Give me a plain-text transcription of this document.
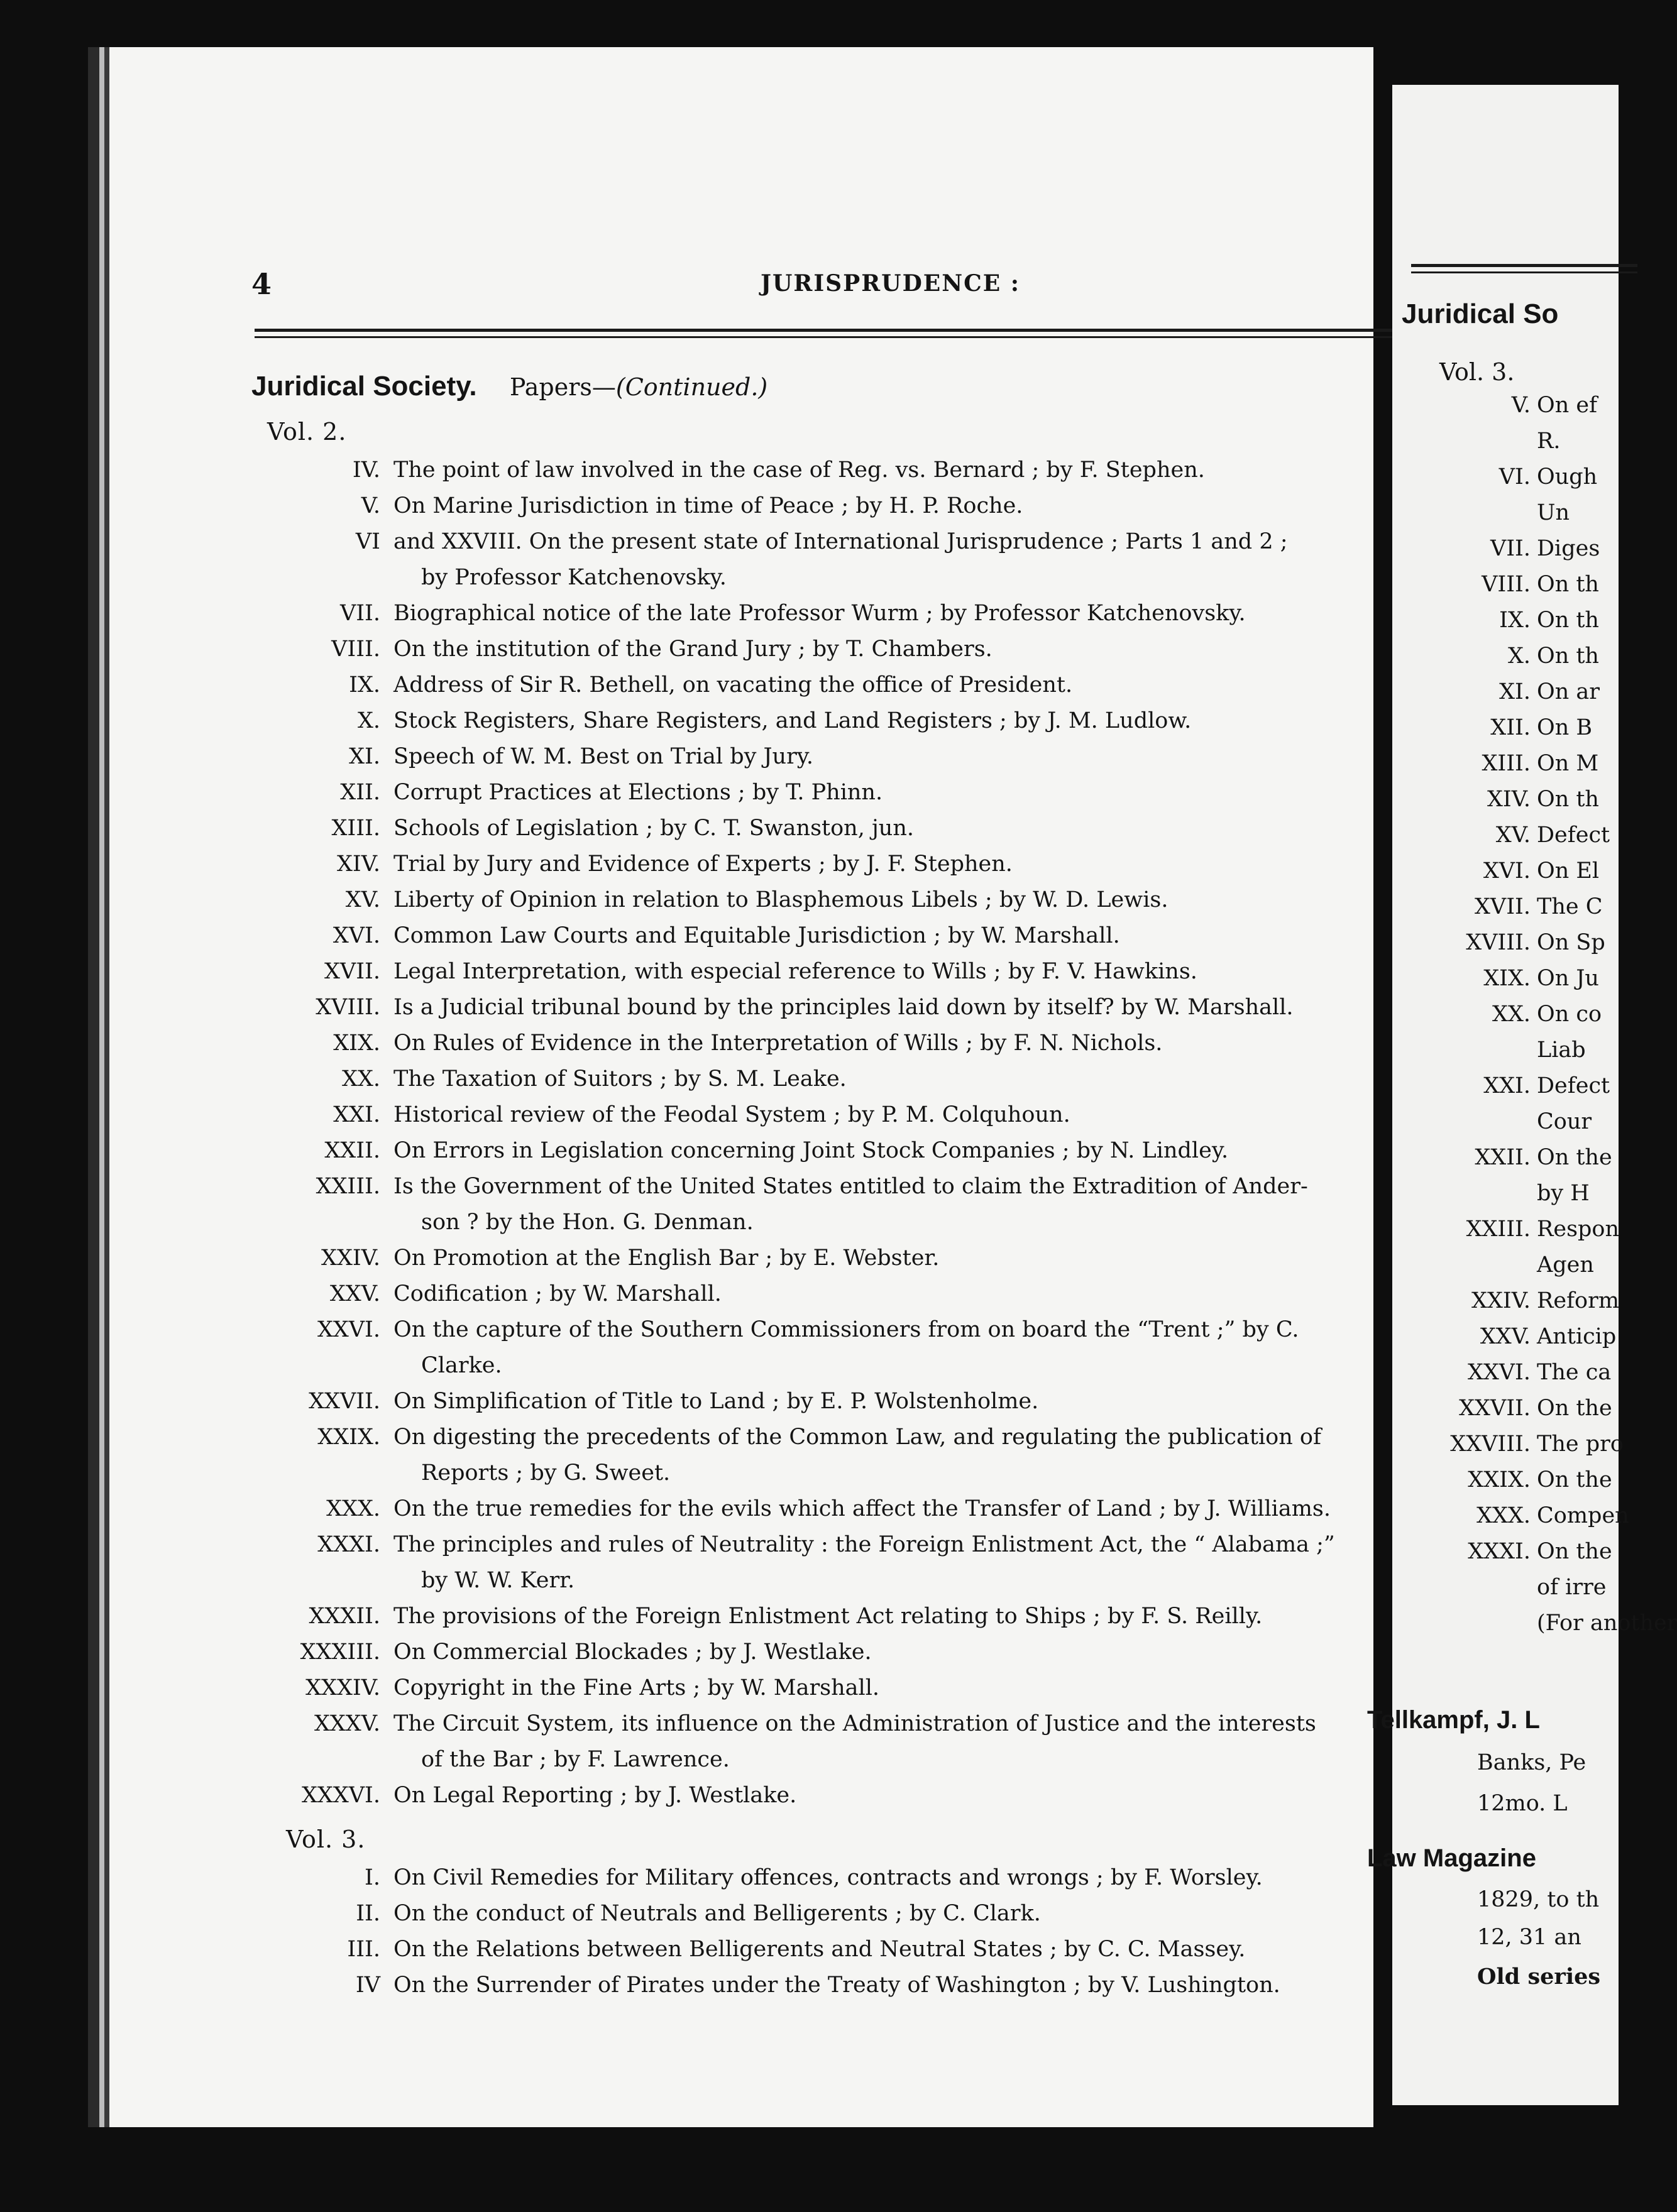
4	JURISPRUDENCE :
Juridical Society. Papers—(Continued.)
Vol. 2.
IV. The point of law involved in the case of Reg. vs. Bernard ; by F. Stephen.
V. On Marine Jurisdiction in time of Peace ; by H. P. Roche.
VI and XXVIII. On the present state of International Jurisprudence ; Parts 1 and 2 ;
by Professor Katchenovsky.
VII. Biographical notice of the late Professor Wurm ; by Professor Katchenovsky.
VIII. On the institution of the Grand Jury ; by T. Chambers.
IX. Address of Sir R. Bethell, on vacating the office of President.
X. Stock Registers, Share Registers, and Land Registers ; by J. M. Ludlow.
XI. Speech of W. M. Best on Trial by Jury.
XII. Corrupt Practices at Elections ; by T. Phinn.
XIII. Schools of Legislation ; by C. T. Swanston, jun.
XIV. Trial by Jury and Evidence of Experts ; by J. F. Stephen.
XV. Liberty of Opinion in relation to Blasphemous Libels ; by W. D. Lewis.
XVI. Common Law Courts and Equitable Jurisdiction ; by W. Marshall.
XVII. Legal Interpretation, with especial reference to Wills ; by F. V. Hawkins.
XVIII. Is a Judicial tribunal bound by the principles laid down by itself? by W. Marshall.
XIX. On Rules of Evidence in the Interpretation of Wills ; by F. N. Nichols.
XX. The Taxation of Suitors ; by S. M. Leake.
XXI. Historical review of the Feodal System ; by P. M. Colquhoun.
XXII. On Errors in Legislation concerning Joint Stock Companies ; by N. Lindley.
XXIII. Is the Government of the United States entitled to claim the Extradition of Ander-
son ? by the Hon. G. Denman.
XXIV. On Promotion at the English Bar ; by E. Webster.
XXV. Codification ; by W. Marshall.
XXVI. On the capture of the Southern Commissioners from on board the “Trent ;” by C.
Clarke.
XXVII. On Simplification of Title to Land ; by E. P. Wolstenholme.
XXIX. On digesting the precedents of the Common Law, and regulating the publication of
Reports ; by G. Sweet.
XXX. On the true remedies for the evils which affect the Transfer of Land ; by J. Williams.
XXXI. The principles and rules of Neutrality : the Foreign Enlistment Act, the “ Alabama ;”
by W. W. Kerr.
XXXII. The provisions of the Foreign Enlistment Act relating to Ships ; by F. S. Reilly.
XXXIII. On Commercial Blockades ; by J. Westlake.
XXXIV. Copyright in the Fine Arts ; by W. Marshall.
XXXV. The Circuit System, its influence on the Administration of Justice and the interests
of the Bar ; by F. Lawrence.
XXXVI. On Legal Reporting ; by J. Westlake.
Vol. 3.
I. On Civil Remedies for Military offences, contracts and wrongs ; by F. Worsley.
II. On the conduct of Neutrals and Belligerents ; by C. Clark.
III. On the Relations between Belligerents and Neutral States ; by C. C. Massey.
IV On the Surrender of Pirates under the Treaty of Washington ; by V. Lushington.
Juridical So
Vol. 3.
V. On ef
R.
VI. Ough
Un
VII. Diges
VIII. On th
IX. On th
X. On th
XI. On ar
XII. On B
XIII. On M
XIV. On th
XV. Defect
XVI. On El
XVII. The C
XVIII. On Sp
XIX. On Ju
XX. On co
Liab
XXI. Defect
Cour
XXII. On the
by H
XXIII. Respon
Agen
XXIV. Reform
XXV. Anticip
XXVI. The ca
XXVII. On the
XXVIII. The pro
XXIX. On the
XXX. Compen
XXXI. On the
of irre
(For another
Tellkampf, J. L
Banks, Pe
12mo. L
Law Magazine
1829, to th
12, 31 an
Old series
